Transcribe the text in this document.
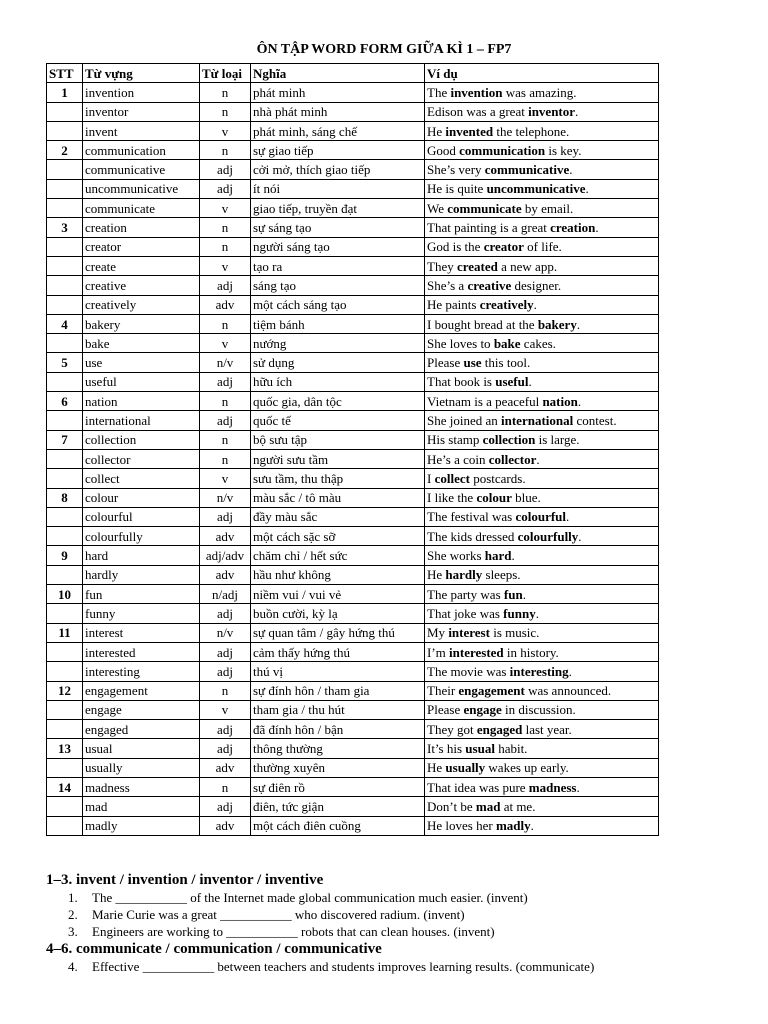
ÔN TẬP WORD FORM GIỮA KÌ 1 – FP7
STT	Từ vựng	Từ loại	Nghĩa	Ví dụ
1	invention	n	phát minh	The invention was amazing.
	inventor	n	nhà phát minh	Edison was a great inventor.
	invent	v	phát minh, sáng chế	He invented the telephone.
2	communication	n	sự giao tiếp	Good communication is key.
	communicative	adj	cởi mở, thích giao tiếp	She’s very communicative.
	uncommunicative	adj	ít nói	He is quite uncommunicative.
	communicate	v	giao tiếp, truyền đạt	We communicate by email.
3	creation	n	sự sáng tạo	That painting is a great creation.
	creator	n	người sáng tạo	God is the creator of life.
	create	v	tạo ra	They created a new app.
	creative	adj	sáng tạo	She’s a creative designer.
	creatively	adv	một cách sáng tạo	He paints creatively.
4	bakery	n	tiệm bánh	I bought bread at the bakery.
	bake	v	nướng	She loves to bake cakes.
5	use	n/v	sử dụng	Please use this tool.
	useful	adj	hữu ích	That book is useful.
6	nation	n	quốc gia, dân tộc	Vietnam is a peaceful nation.
	international	adj	quốc tế	She joined an international contest.
7	collection	n	bộ sưu tập	His stamp collection is large.
	collector	n	người sưu tầm	He’s a coin collector.
	collect	v	sưu tầm, thu thập	I collect postcards.
8	colour	n/v	màu sắc / tô màu	I like the colour blue.
	colourful	adj	đầy màu sắc	The festival was colourful.
	colourfully	adv	một cách sặc sỡ	The kids dressed colourfully.
9	hard	adj/adv	chăm chỉ / hết sức	She works hard.
	hardly	adv	hầu như không	He hardly sleeps.
10	fun	n/adj	niềm vui / vui vẻ	The party was fun.
	funny	adj	buồn cười, kỳ lạ	That joke was funny.
11	interest	n/v	sự quan tâm / gây hứng thú	My interest is music.
	interested	adj	cảm thấy hứng thú	I’m interested in history.
	interesting	adj	thú vị	The movie was interesting.
12	engagement	n	sự đính hôn / tham gia	Their engagement was announced.
	engage	v	tham gia / thu hút	Please engage in discussion.
	engaged	adj	đã đính hôn / bận	They got engaged last year.
13	usual	adj	thông thường	It’s his usual habit.
	usually	adv	thường xuyên	He usually wakes up early.
14	madness	n	sự điên rồ	That idea was pure madness.
	mad	adj	điên, tức giận	Don’t be mad at me.
	madly	adv	một cách điên cuồng	He loves her madly.

1–3. invent / invention / inventor / inventive

1.	The ___________ of the Internet made global communication much easier. (invent)
2.	Marie Curie was a great ___________ who discovered radium. (invent)
3.	Engineers are working to ___________ robots that can clean houses. (invent)

4–6. communicate / communication / communicative

4.	Effective ___________ between teachers and students improves learning results. (communicate)
